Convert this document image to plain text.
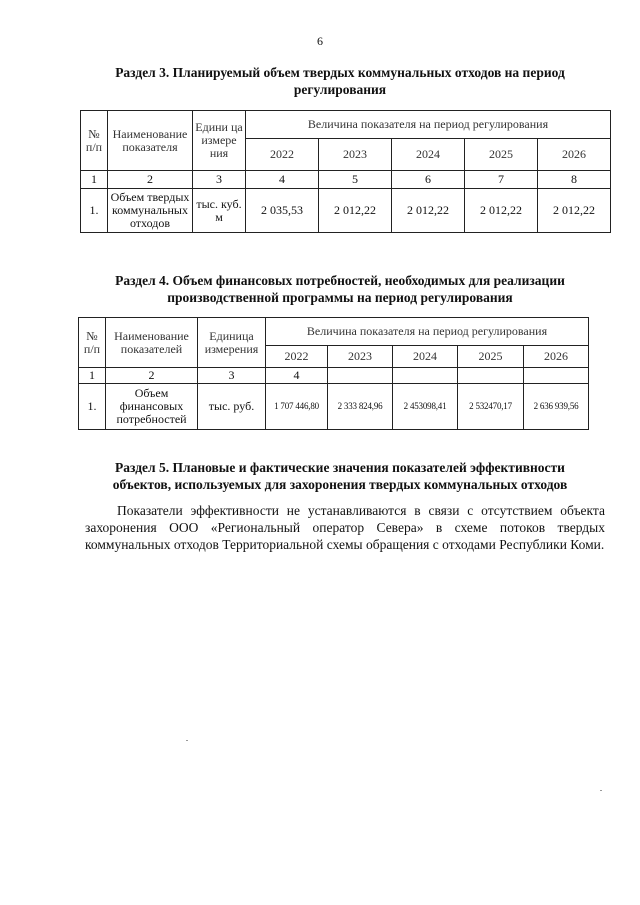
6
Раздел 3. Планируемый объем твердых коммунальных отходов на период
регулирования
№ п/п	Наименование показателя	Едини ца измере ния	Величина показателя на период регулирования				
			2022	2023	2024	2025	2026
1	2	3	4	5	6	7	8
1.	Объем твердых коммунальных отходов	тыс. куб. м	2 035,53	2 012,22	2 012,22	2 012,22	2 012,22
Раздел 4. Объем финансовых потребностей, необходимых для реализации
производственной программы на период регулирования
№ п/п	Наименование показателей	Единица измерения	Величина показателя на период регулирования				
			2022	2023	2024	2025	2026
1	2	3	4				
1.	Объем финансовых потребностей	тыс. руб.	1 707 446,80	2 333 824,96	2 453098,41	2 532470,17	2 636 939,56
Раздел 5. Плановые и фактические значения показателей эффективности
объектов, используемых для захоронения твердых коммунальных отходов
Показатели эффективности не устанавливаются в связи с отсутствием объекта захоронения ООО «Региональный оператор Севера» в схеме потоков твердых коммунальных отходов Территориальной схемы обращения с отходами Республики Коми.
